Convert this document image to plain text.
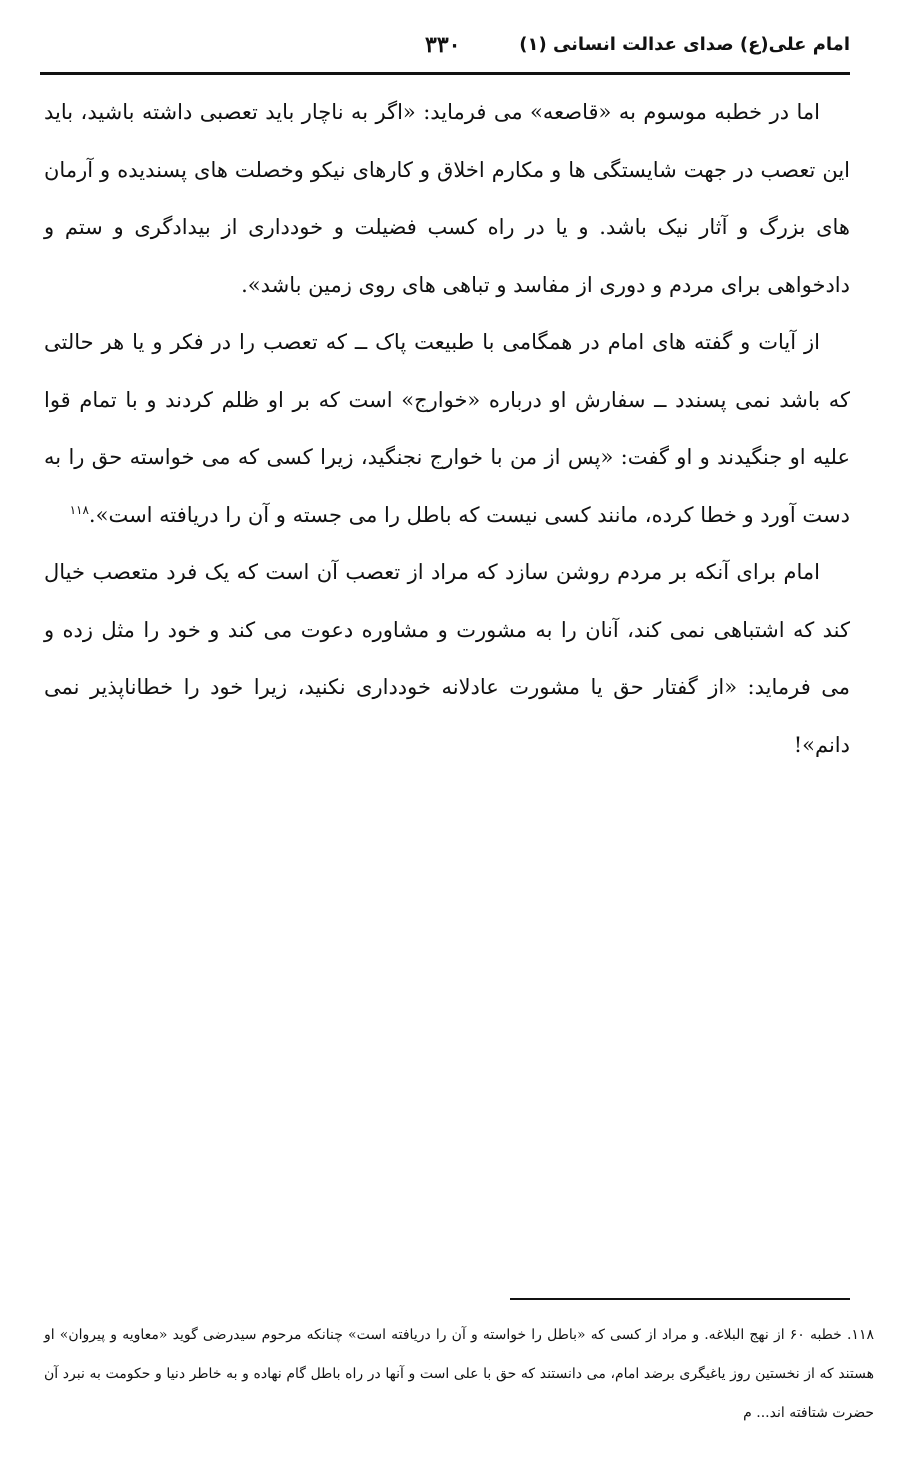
امام علی(ع) صدای عدالت انسانی (۱)
۳۳۰

اما در خطبه موسوم به «قاصعه» می فرماید: «اگر به ناچار باید تعصبی داشته باشید، باید این تعصب در جهت شایستگی ها و مکارم اخلاق و کارهای نیکو وخصلت های پسندیده و آرمان های بزرگ و آثار نیک باشد. و یا در راه کسب فضیلت و خودداری از بیدادگری و ستم و دادخواهی برای مردم و دوری از مفاسد و تباهی های روی زمین باشد».

از آیات و گفته های امام در همگامی با طبیعت پاک ــ که تعصب را در فکر و یا هر حالتی که باشد نمی پسندد ــ سفارش او درباره «خوارج» است که بر او ظلم کردند و با تمام قوا علیه او جنگیدند و او گفت: «پس از من با خوارج نجنگید، زیرا کسی که می خواسته حق را به دست آورد و خطا کرده، مانند کسی نیست که باطل را می جسته و آن را دریافته است».$^{۱۱۸}$

امام برای آنکه بر مردم روشن سازد که مراد از تعصب آن است که یک فرد متعصب خیال کند که اشتباهی نمی کند، آنان را به مشورت و مشاوره دعوت می کند و خود را مثل زده و می فرماید: «از گفتار حق یا مشورت عادلانه خودداری نکنید، زیرا خود را خطاناپذیر نمی دانم»!

۱۱۸. خطبه ۶۰ از نهج البلاغه. و مراد از کسی که «باطل را خواسته و آن را دریافته است» چنانکه مرحوم سیدرضی گوید «معاویه و پیروان» او هستند که از نخستین روز یاغیگری برضد امام، می دانستند که حق با علی است و آنها در راه باطل گام نهاده و به خاطر دنیا و حکومت به نبرد آن حضرت شتافته اند... م
